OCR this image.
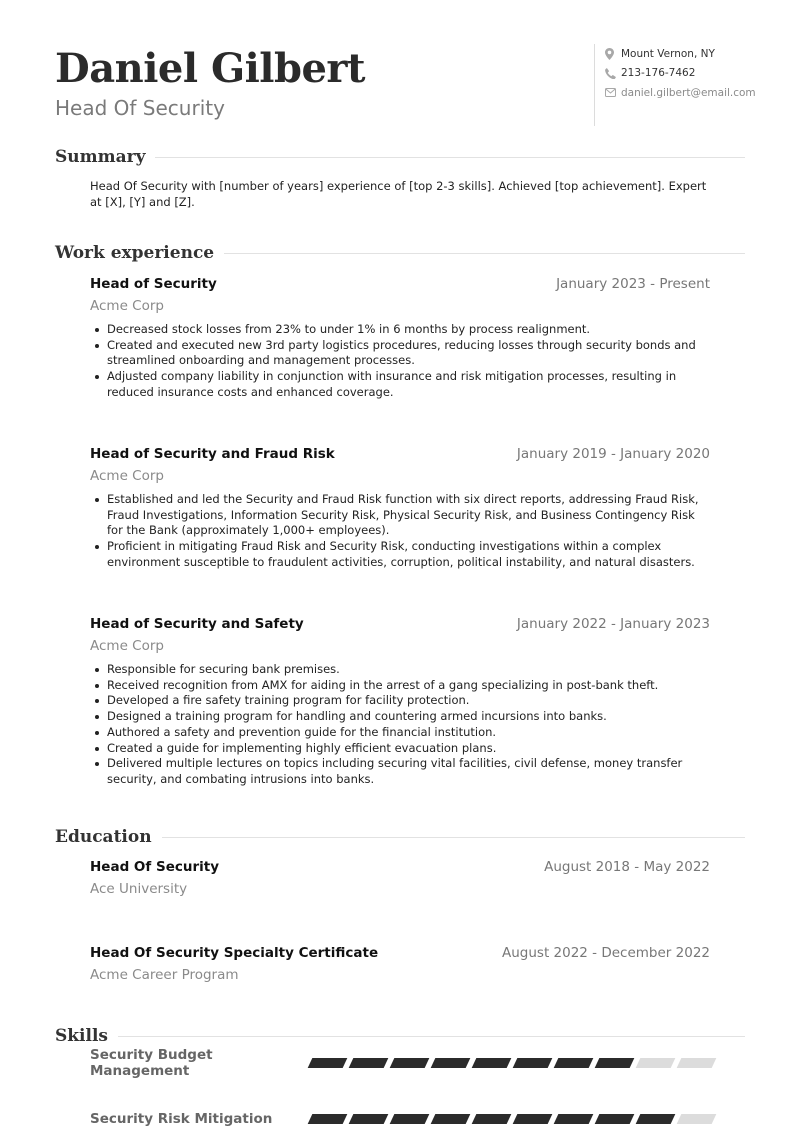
Daniel Gilbert
Head Of Security
Mount Vernon, NY
213-176-7462
daniel.gilbert@email.com
Summary
Head Of Security with [number of years] experience of [top 2-3 skills]. Achieved [top achievement]. Expert at [X], [Y] and [Z].
Work experience
Head of Security	January 2023 - Present
Acme Corp
Decreased stock losses from 23% to under 1% in 6 months by process realignment.
Created and executed new 3rd party logistics procedures, reducing losses through security bonds and streamlined onboarding and management processes.
Adjusted company liability in conjunction with insurance and risk mitigation processes, resulting in reduced insurance costs and enhanced coverage.
Head of Security and Fraud Risk	January 2019 - January 2020
Acme Corp
Established and led the Security and Fraud Risk function with six direct reports, addressing Fraud Risk, Fraud Investigations, Information Security Risk, Physical Security Risk, and Business Contingency Risk for the Bank (approximately 1,000+ employees).
Proficient in mitigating Fraud Risk and Security Risk, conducting investigations within a complex environment susceptible to fraudulent activities, corruption, political instability, and natural disasters.
Head of Security and Safety	January 2022 - January 2023
Acme Corp
Responsible for securing bank premises.
Received recognition from AMX for aiding in the arrest of a gang specializing in post-bank theft.
Developed a fire safety training program for facility protection.
Designed a training program for handling and countering armed incursions into banks.
Authored a safety and prevention guide for the financial institution.
Created a guide for implementing highly efficient evacuation plans.
Delivered multiple lectures on topics including securing vital facilities, civil defense, money transfer security, and combating intrusions into banks.
Education
Head Of Security	August 2018 - May 2022
Ace University
Head Of Security Specialty Certificate	August 2022 - December 2022
Acme Career Program
Skills
Security Budget Management
Security Risk Mitigation
